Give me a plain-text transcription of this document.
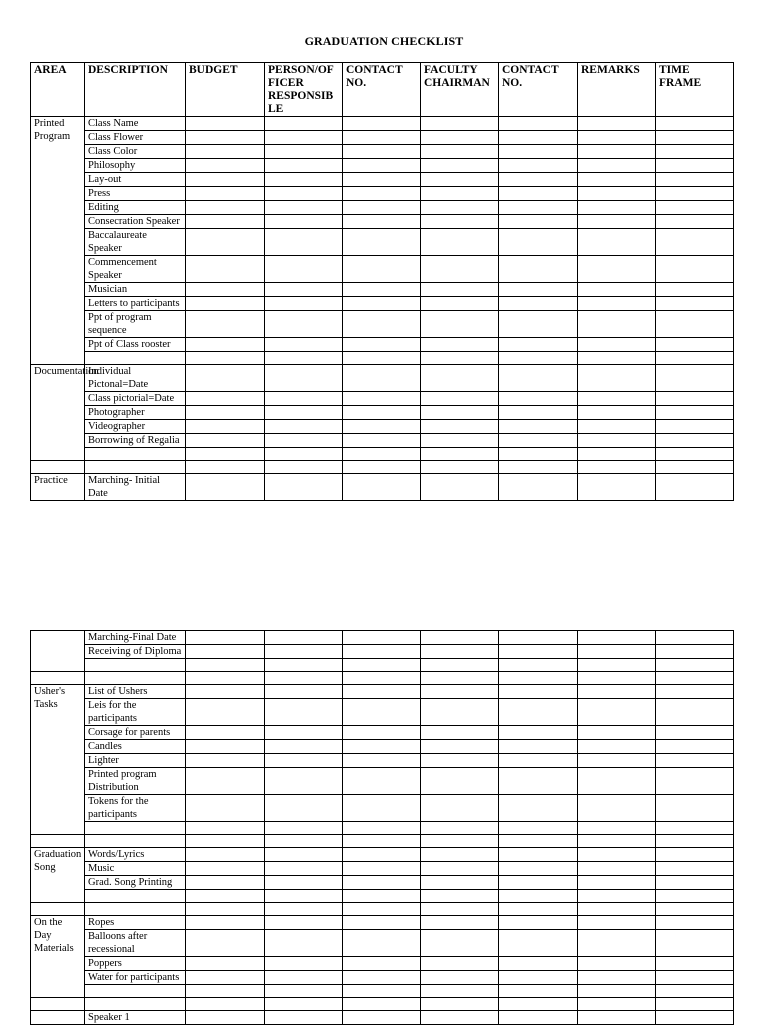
GRADUATION CHECKLIST
AREA	DESCRIPTION	BUDGET	PERSON/OF FICER RESPONSIB LE	CONTACT NO.	FACULTY CHAIRMAN	CONTACT NO.	REMARKS	TIME FRAME
Printed Program	Class Name							
	Class Flower							
	Class Color							
	Philosophy							
	Lay-out							
	Press							
	Editing							
	Consecration Speaker							
	Baccalaureate Speaker							
	Commencement Speaker							
	Musician							
	Letters to participants							
	Ppt of program sequence							
	Ppt of Class rooster							

Documentation	Individual Pictonal=Date							
	Class pictorial=Date							
	Photographer							
	Videographer							
	Borrowing of Regalia							

Practice	Marching- Initial Date							
	Marching-Final Date							
	Receiving of Diploma							

Usher's Tasks	List of Ushers							
	Leis for the participants							
	Corsage for parents							
	Candles							
	Lighter							
	Printed program Distribution							
	Tokens for the participants							

Graduation Song	Words/Lyrics							
	Music							
	Grad. Song Printing							

On the Day Materials	Ropes							
	Balloons after recessional							
	Poppers							
	Water for participants							

	Speaker 1							
